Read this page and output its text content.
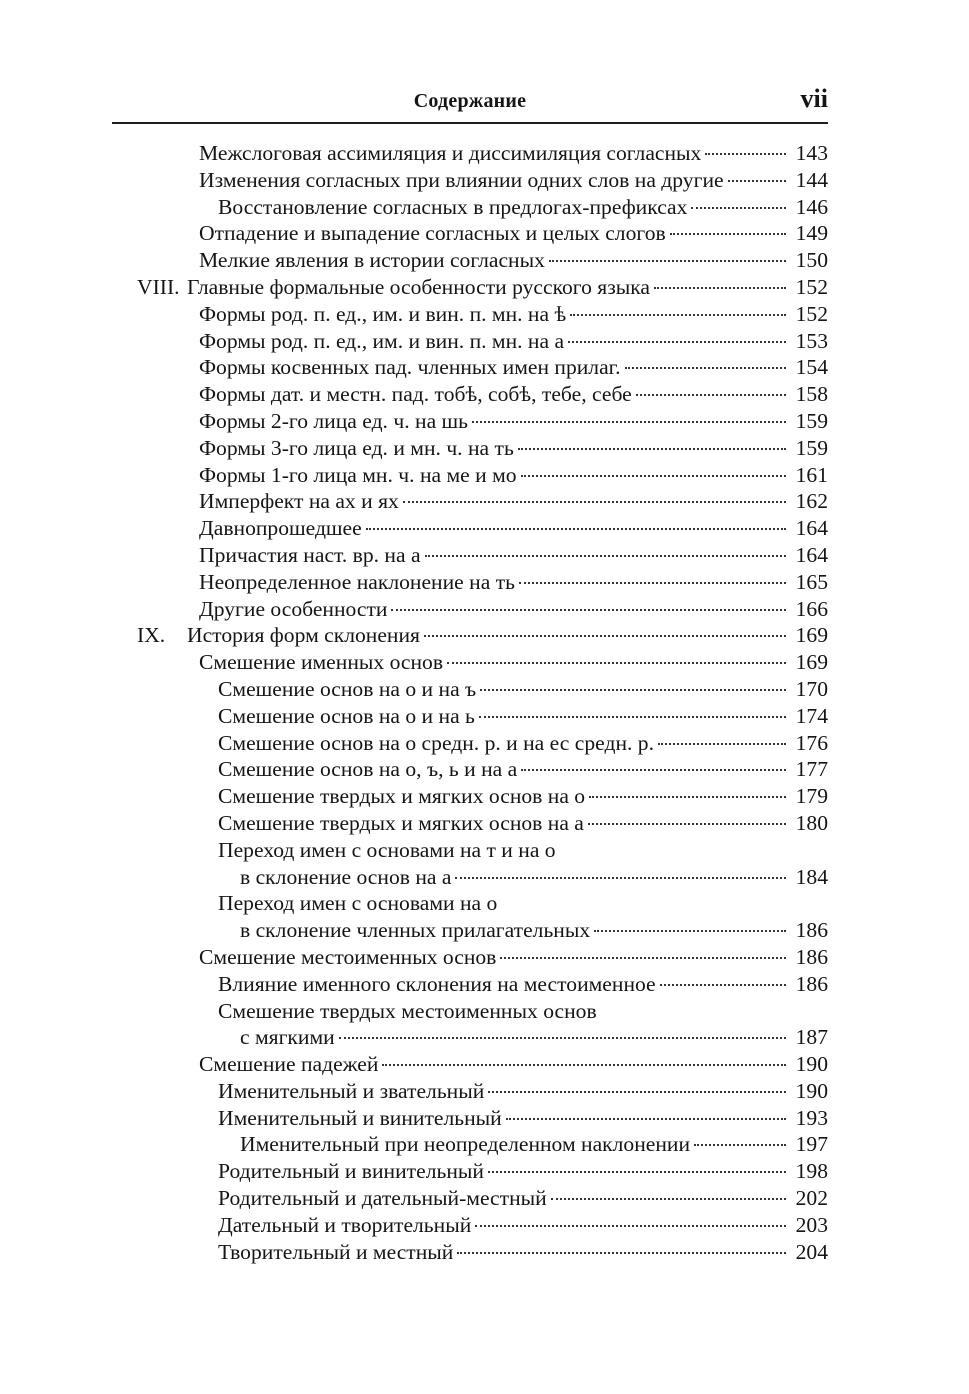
Содержание	vii
Межслоговая ассимиляция и диссимиляция согласных	143
Изменения согласных при влиянии одних слов на другие	144
Восстановление согласных в предлогах-префиксах	146
Отпадение и выпадение согласных и целых слогов	149
Мелкие явления в истории согласных	150
VIII. Главные формальные особенности русского языка	152
Формы род. п. ед., им. и вин. п. мн. на ѣ	152
Формы род. п. ед., им. и вин. п. мн. на а	153
Формы косвенных пад. членных имен прилаг.	154
Формы дат. и местн. пад. тобѣ, собѣ, тебе, себе	158
Формы 2-го лица ед. ч. на шь	159
Формы 3-го лица ед. и мн. ч. на ть	159
Формы 1-го лица мн. ч. на ме и мо	161
Имперфект на ах и ях	162
Давнопрошедшее	164
Причастия наст. вр. на а	164
Неопределенное наклонение на ть	165
Другие особенности	166
IX.	История форм склонения	169
Смешение именных основ	169
Смешение основ на о и на ъ	170
Смешение основ на о и на ь	174
Смешение основ на о средн. р. и на ес средн. р.	176
Смешение основ на о, ъ, ь и на а	177
Смешение твердых и мягких основ на о	179
Смешение твердых и мягких основ на а	180
Переход имен с основами на т и на о
в склонение основ на а	184
Переход имен с основами на о
в склонение членных прилагательных	186
Смешение местоименных основ	186
Влияние именного склонения на местоименное	186
Смешение твердых местоименных основ
с мягкими	187
Смешение падежей	190
Именительный и звательный	190
Именительный и винительный	193
Именительный при неопределенном наклонении	197
Родительный и винительный	198
Родительный и дательный-местный	202
Дательный и творительный	203
Творительный и местный	204
